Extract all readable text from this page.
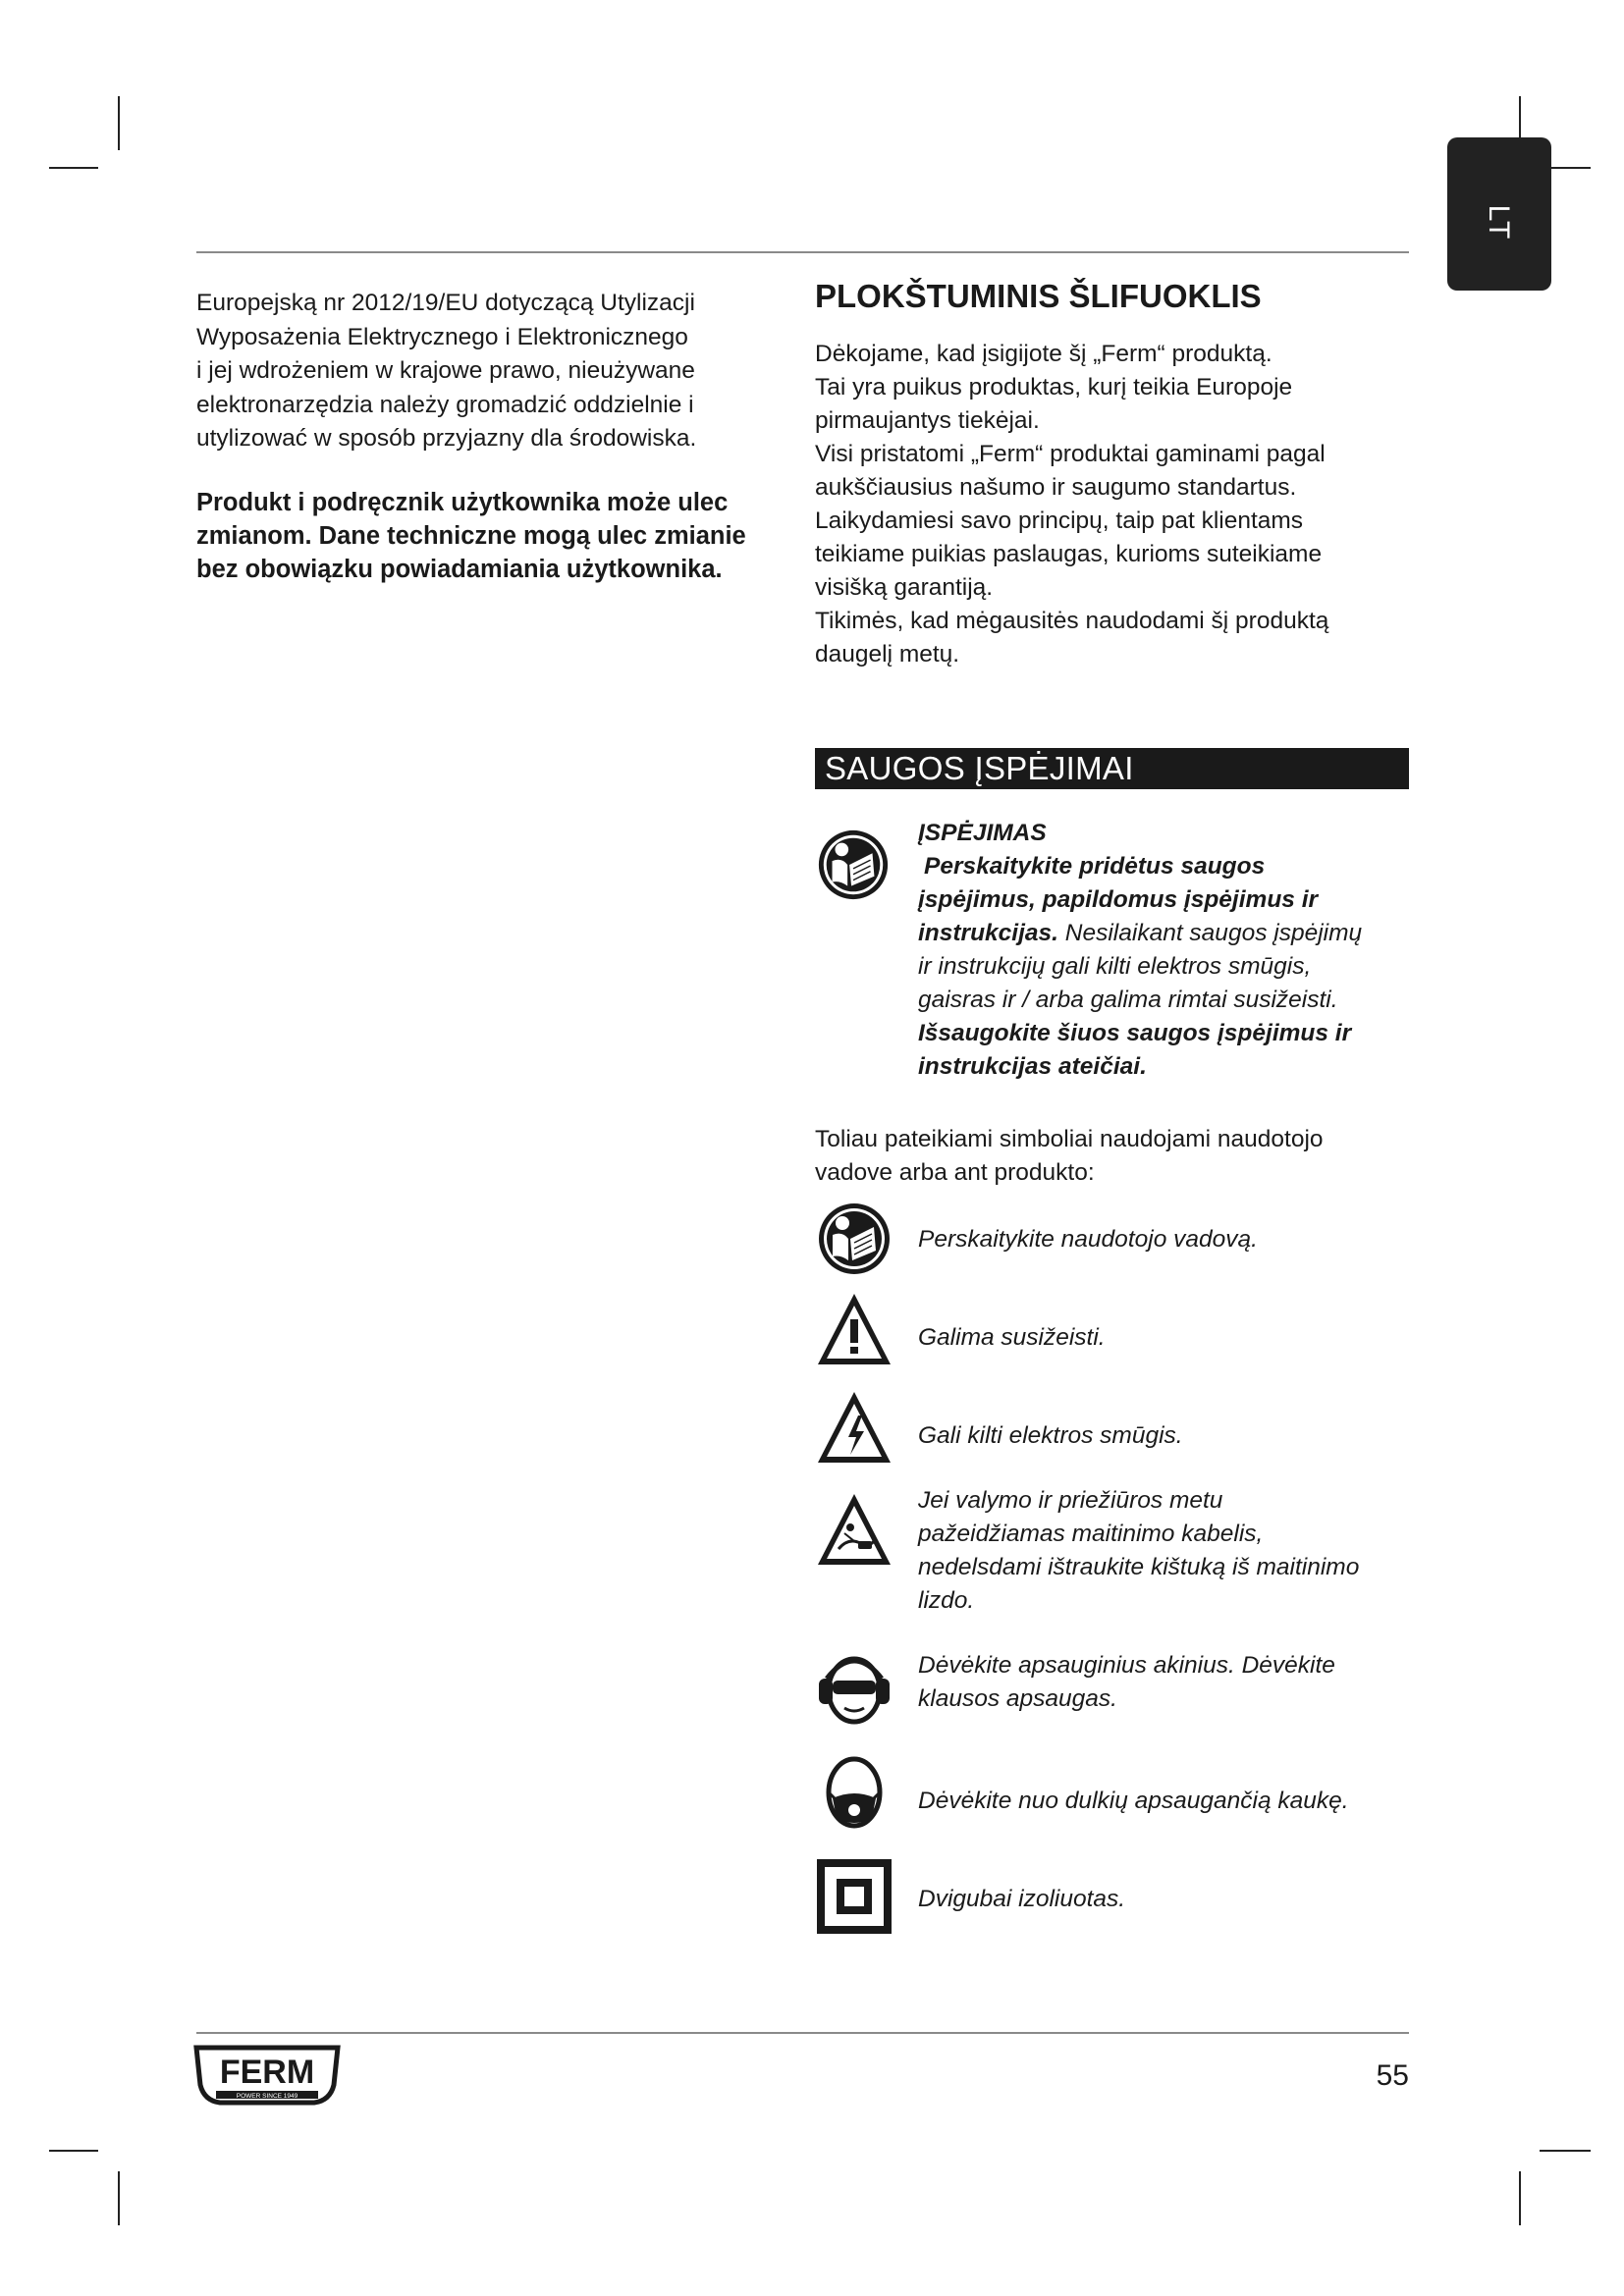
LT

Europejską nr 2012/19/EU dotyczącą Utylizacji
Wyposażenia Elektrycznego i Elektronicznego
i jej wdrożeniem w krajowe prawo, nieużywane
elektronarzędzia należy gromadzić oddzielnie i
utylizować w sposób przyjazny dla środowiska.

Produkt i podręcznik użytkownika może ulec
zmianom. Dane techniczne mogą ulec zmianie
bez obowiązku powiadamiania użytkownika.

PLOKŠTUMINIS ŠLIFUOKLIS
Dėkojame, kad įsigijote šį „Ferm“ produktą.
Tai yra puikus produktas, kurį teikia Europoje
pirmaujantys tiekėjai.
Visi pristatomi „Ferm“ produktai gaminami pagal
aukščiausius našumo ir saugumo standartus.
Laikydamiesi savo principų, taip pat klientams
teikiame puikias paslaugas, kurioms suteikiame
visišką garantiją.
Tikimės, kad mėgausitės naudodami šį produktą
daugelį metų.
SAUGOS ĮSPĖJIMAI
ĮSPĖJIMAS
Perskaitykite pridėtus saugos
įspėjimus, papildomus įspėjimus ir
instrukcijas. Nesilaikant saugos įspėjimų
ir instrukcijų gali kilti elektros smūgis,
gaisras ir / arba galima rimtai susižeisti.
Išsaugokite šiuos saugos įspėjimus ir
instrukcijas ateičiai.
Toliau pateikiami simboliai naudojami naudotojo
vadove arba ant produkto:
Perskaitykite naudotojo vadovą.
Galima susižeisti.
Gali kilti elektros smūgis.
Jei valymo ir priežiūros metu
pažeidžiamas maitinimo kabelis,
nedelsdami ištraukite kištuką iš maitinimo
lizdo.
Dėvėkite apsauginius akinius. Dėvėkite
klausos apsaugas.
Dėvėkite nuo dulkių apsaugančią kaukę.
Dvigubai izoliuotas.
FERM
POWER SINCE 1949
55
